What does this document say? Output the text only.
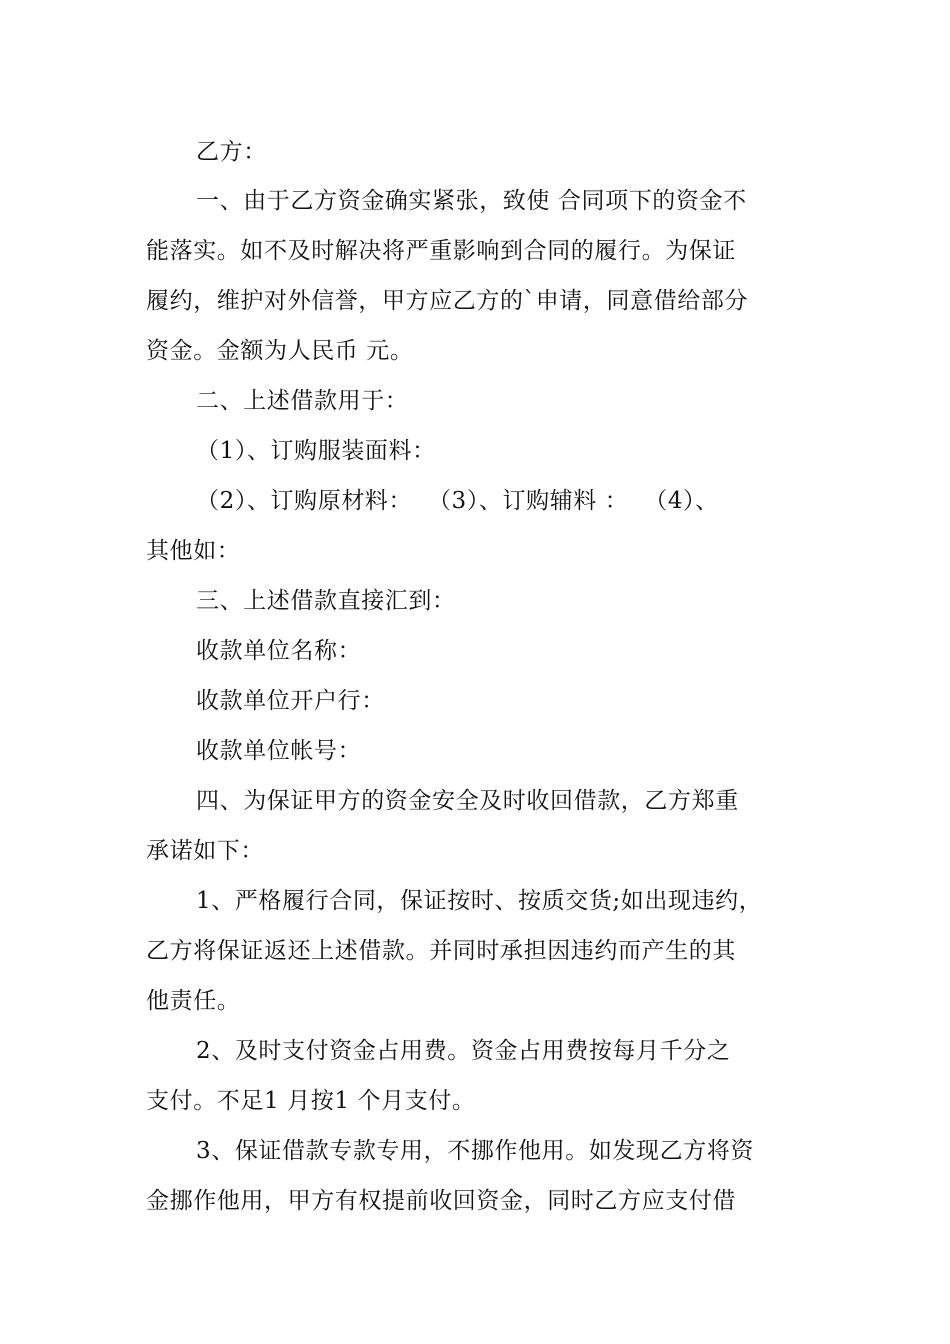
乙方：
一、由于乙方资金确实紧张，致使 合同项下的资金不
能落实。如不及时解决将严重影响到合同的履行。为保证
履约，维护对外信誉，甲方应乙方的`申请，同意借给部分
资金。金额为人民币 元。
二、上述借款用于：
（1）、订购服装面料：
（2）、订购原材料：  （3）、订购辅料 ：  （4）、
其他如：
三、上述借款直接汇到：
收款单位名称：
收款单位开户行：
收款单位帐号：
四、为保证甲方的资金安全及时收回借款，乙方郑重
承诺如下：
1、严格履行合同，保证按时、按质交货;如出现违约，
乙方将保证返还上述借款。并同时承担因违约而产生的其
他责任。
2、及时支付资金占用费。资金占用费按每月千分之
支付。不足1 月按1 个月支付。
3、保证借款专款专用，不挪作他用。如发现乙方将资
金挪作他用，甲方有权提前收回资金，同时乙方应支付借
